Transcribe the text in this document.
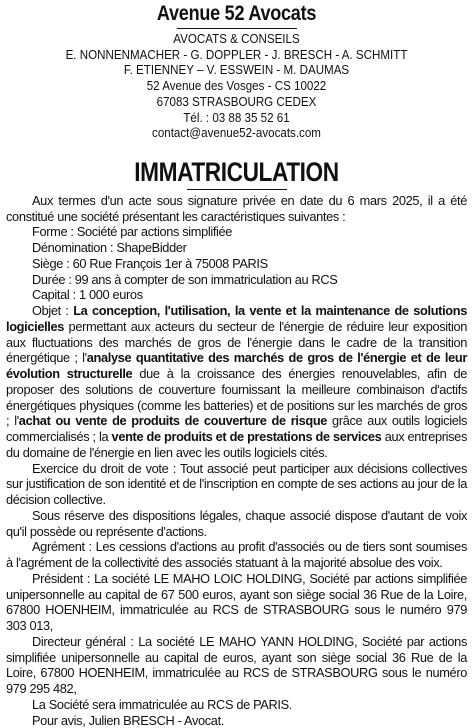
Avenue 52 Avocats
AVOCATS & CONSEILS
E. NONNENMACHER - G. DOPPLER - J. BRESCH - A. SCHMITT
F. ETIENNEY – V. ESSWEIN - M. DAUMAS
52 Avenue des Vosges - CS 10022
67083 STRASBOURG CEDEX
Tél. : 03 88 35 52 61
contact@avenue52-avocats.com
IMMATRICULATION

Aux termes d'un acte sous signature privée en date du 6 mars 2025, il a été constitué une société présentant les caractéristiques suivantes :

Forme : Société par actions simplifiée

Dénomination : ShapeBidder

Siège : 60 Rue François 1er à 75008 PARIS

Durée : 99 ans à compter de son immatriculation au RCS

Capital : 1 000 euros

Objet : La conception, l'utilisation, la vente et la maintenance de solutions logicielles permettant aux acteurs du secteur de l'énergie de réduire leur exposition aux fluctuations des marchés de gros de l'énergie dans le cadre de la transition énergétique ; l'analyse quantitative des marchés de gros de l'énergie et de leur évolution structurelle due à la croissance des énergies renouvelables, afin de proposer des solutions de couverture fournissant la meilleure combinaison d'actifs énergétiques physiques (comme les batteries) et de positions sur les marchés de gros ; l'achat ou vente de produits de couverture de risque grâce aux outils logiciels commercialisés ; la vente de produits et de prestations de services aux entreprises du domaine de l'énergie en lien avec les outils logiciels cités.

Exercice du droit de vote : Tout associé peut participer aux décisions collectives sur justification de son identité et de l'inscription en compte de ses actions au jour de la décision collective.

Sous réserve des dispositions légales, chaque associé dispose d'autant de voix qu'il possède ou représente d'actions.

Agrément : Les cessions d'actions au profit d'associés ou de tiers sont soumises à l'agrément de la collectivité des associés statuant à la majorité absolue des voix.

Président : La société LE MAHO LOIC HOLDING, Société par actions simplifiée unipersonnelle au capital de 67 500 euros, ayant son siège social 36 Rue de la Loire, 67800 HOENHEIM, immatriculée au RCS de STRASBOURG sous le numéro 979 303 013,

Directeur général : La société LE MAHO YANN HOLDING, Société par actions simplifiée unipersonnelle au capital de euros, ayant son siège social 36 Rue de la Loire, 67800 HOENHEIM, immatriculée au RCS de STRASBOURG sous le numéro 979 295 482,

La Société sera immatriculée au RCS de PARIS.

Pour avis, Julien BRESCH - Avocat.
